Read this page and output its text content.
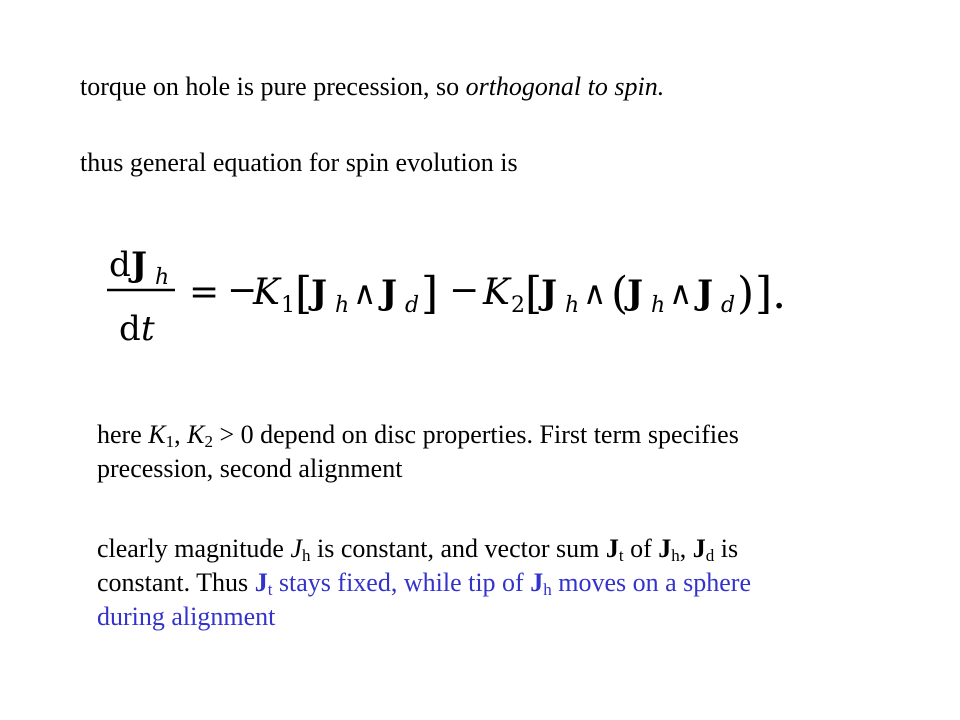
torque on hole is pure precession, so orthogonal to spin.
thus general equation for spin evolution is
d J h
d t
= −
K 1 [
J h ∧ J d ] − K 2 [
J h ∧ (
J h ∧ J d ) ].
here $K_1$, $K_2 > 0$ depend on disc properties. First term specifies
precession, second alignment
clearly magnitude $J_h$ is constant, and vector sum $J_t$ of $J_h$, $J_d$ is
constant. Thus $J_t$ stays fixed, while tip of $J_h$ moves on a sphere
during alignment
